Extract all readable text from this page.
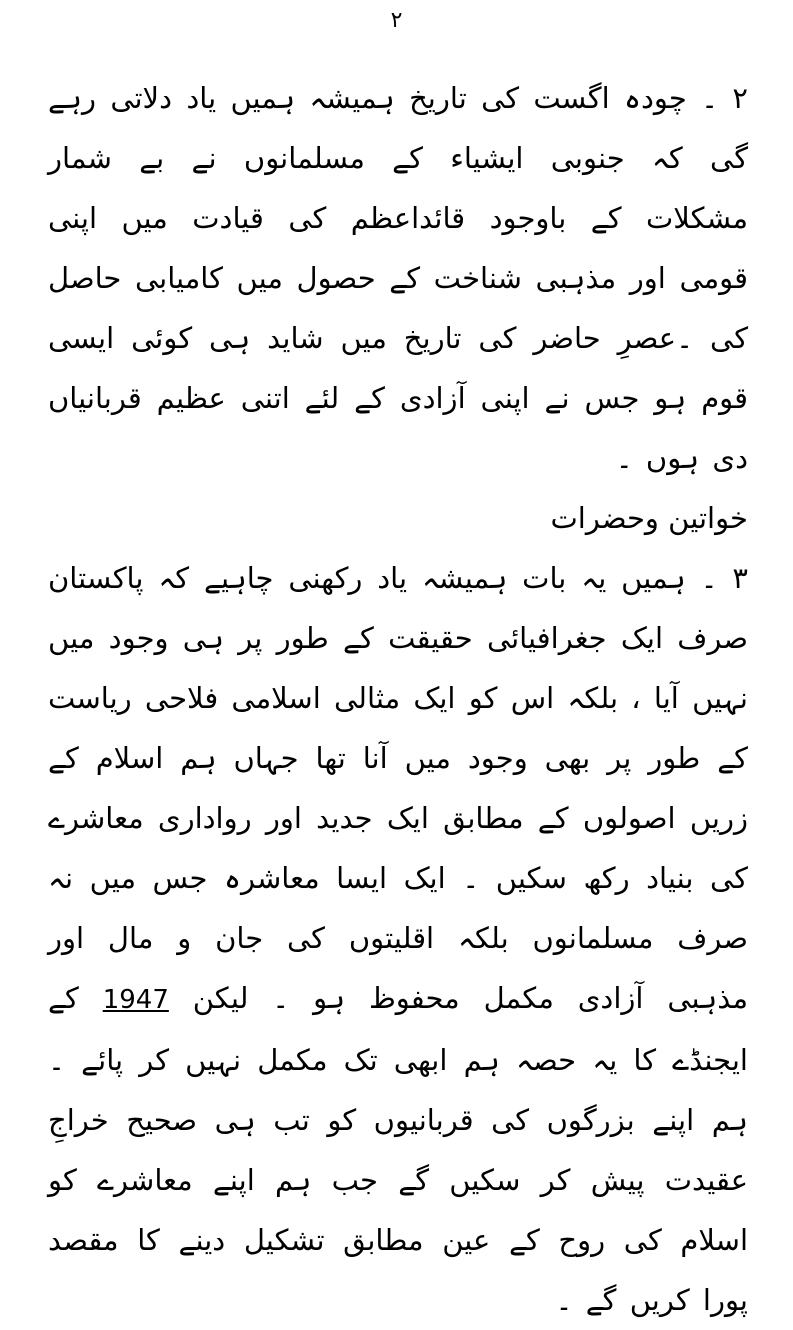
۲

۲ ۔ چودہ اگست کی تاریخ ہمیشہ ہمیں یاد دلاتی رہے گی کہ جنوبی ایشیاء کے مسلمانوں نے بے شمار مشکلات کے باوجود قائداعظم کی قیادت میں اپنی قومی اور مذہبی شناخت کے حصول میں کامیابی حاصل کی ۔عصرِ حاضر کی تاریخ میں شاید ہی کوئی ایسی قوم ہو جس نے اپنی آزادی کے لئے اتنی عظیم قربانیاں دی ہوں ۔

خواتین وحضرات

۳ ۔ ہمیں یہ بات ہمیشہ یاد رکھنی چاہیے کہ پاکستان صرف ایک جغرافیائی حقیقت کے طور پر ہی وجود میں نہیں آیا ، بلکہ اس کو ایک مثالی اسلامی فلاحی ریاست کے طور پر بھی وجود میں آنا تھا جہاں ہم اسلام کے زریں اصولوں کے مطابق ایک جدید اور رواداری معاشرے کی بنیاد رکھ سکیں ۔ ایک ایسا معاشرہ جس میں نہ صرف مسلمانوں بلکہ اقلیتوں کی جان و مال اور مذہبی آزادی مکمل محفوظ ہو ۔ لیکن 1947 کے ایجنڈے کا یہ حصہ ہم ابھی تک مکمل نہیں کر پائے ۔ ہم اپنے بزرگوں کی قربانیوں کو تب ہی صحیح خراجِ عقیدت پیش کر سکیں گے جب ہم اپنے معاشرے کو اسلام کی روح کے عین مطابق تشکیل دینے کا مقصد پورا کریں گے ۔
